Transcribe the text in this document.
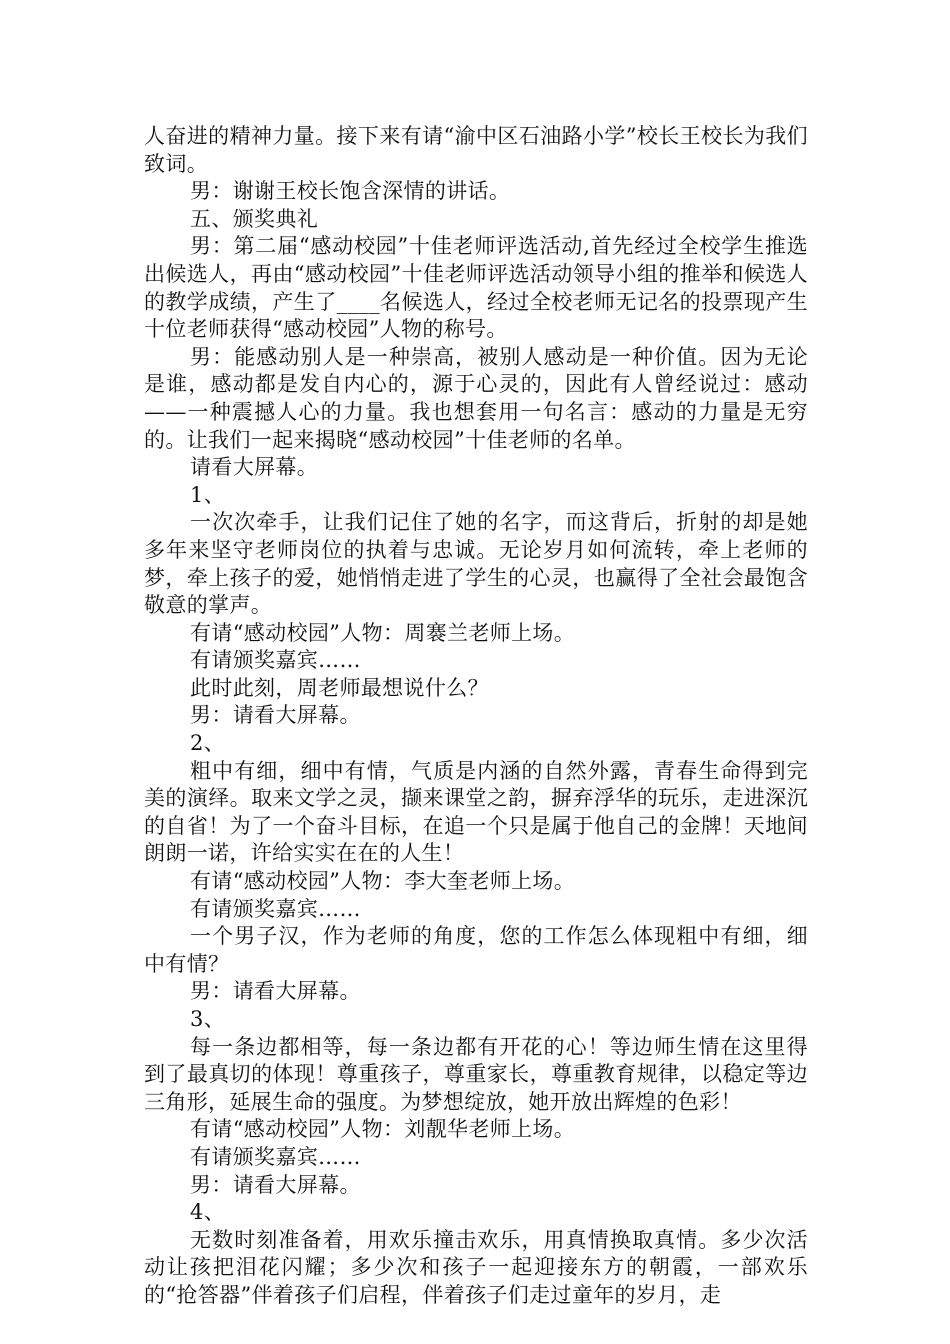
人奋进的精神力量。接下来有请“渝中区石油路小学”校长王校长为我们致词。

男：谢谢王校长饱含深情的讲话。

五、颁奖典礼

男：第二届“感动校园”十佳老师评选活动,首先经过全校学生推选出候选人，再由“感动校园”十佳老师评选活动领导小组的推举和候选人的教学成绩，产生了____名候选人，经过全校老师无记名的投票现产生十位老师获得“感动校园”人物的称号。

男：能感动别人是一种崇高，被别人感动是一种价值。因为无论是谁，感动都是发自内心的，源于心灵的，因此有人曾经说过：感动——一种震撼人心的力量。我也想套用一句名言：感动的力量是无穷的。让我们一起来揭晓“感动校园”十佳老师的名单。

请看大屏幕。

1、

一次次牵手，让我们记住了她的名字，而这背后，折射的却是她多年来坚守老师岗位的执着与忠诚。无论岁月如何流转，牵上老师的梦，牵上孩子的爱，她悄悄走进了学生的心灵，也赢得了全社会最饱含敬意的掌声。

有请“感动校园”人物：周褰兰老师上场。

有请颁奖嘉宾……

此时此刻，周老师最想说什么？

男：请看大屏幕。

2、

粗中有细，细中有情，气质是内涵的自然外露，青春生命得到完美的演绎。取来文学之灵，撷来课堂之韵，摒弃浮华的玩乐，走进深沉的自省！为了一个奋斗目标，在追一个只是属于他自己的金牌！天地间朗朗一诺，许给实实在在的人生！

有请“感动校园”人物：李大奎老师上场。

有请颁奖嘉宾……

一个男子汉，作为老师的角度，您的工作怎么体现粗中有细，细中有情？

男：请看大屏幕。

3、

每一条边都相等，每一条边都有开花的心！等边师生情在这里得到了最真切的体现！尊重孩子，尊重家长，尊重教育规律，以稳定等边三角形，延展生命的强度。为梦想绽放，她开放出辉煌的色彩！

有请“感动校园”人物：刘靓华老师上场。

有请颁奖嘉宾……

男：请看大屏幕。

4、

无数时刻准备着，用欢乐撞击欢乐，用真情换取真情。多少次活动让孩把泪花闪耀；多少次和孩子一起迎接东方的朝霞，一部欢乐的“抢答器”伴着孩子们启程，伴着孩子们走过童年的岁月，走
